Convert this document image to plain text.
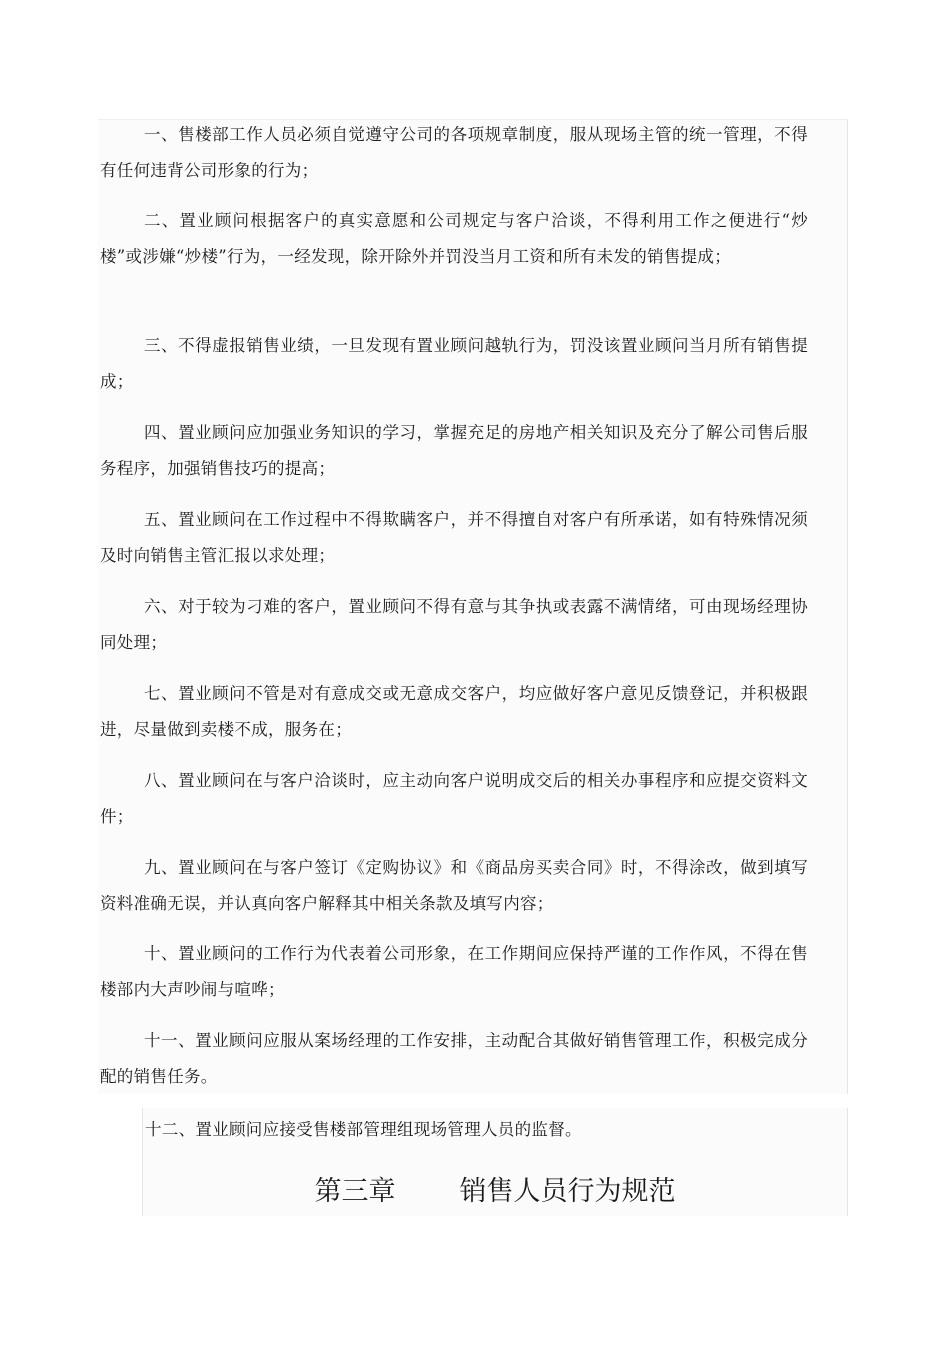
一、售楼部工作人员必须自觉遵守公司的各项规章制度，服从现场主管的统一管理，不得有任何违背公司形象的行为；

二、置业顾问根据客户的真实意愿和公司规定与客户洽谈，不得利用工作之便进行“炒楼”或涉嫌“炒楼”行为，一经发现，除开除外并罚没当月工资和所有未发的销售提成；

三、不得虚报销售业绩，一旦发现有置业顾问越轨行为，罚没该置业顾问当月所有销售提成；

四、置业顾问应加强业务知识的学习，掌握充足的房地产相关知识及充分了解公司售后服务程序，加强销售技巧的提高；

五、置业顾问在工作过程中不得欺瞒客户，并不得擅自对客户有所承诺，如有特殊情况须及时向销售主管汇报以求处理；

六、对于较为刁难的客户，置业顾问不得有意与其争执或表露不满情绪，可由现场经理协同处理；

七、置业顾问不管是对有意成交或无意成交客户，均应做好客户意见反馈登记，并积极跟进，尽量做到卖楼不成，服务在；

八、置业顾问在与客户洽谈时，应主动向客户说明成交后的相关办事程序和应提交资料文件；

九、置业顾问在与客户签订《定购协议》和《商品房买卖合同》时，不得涂改，做到填写资料准确无误，并认真向客户解释其中相关条款及填写内容；

十、置业顾问的工作行为代表着公司形象，在工作期间应保持严谨的工作作风，不得在售楼部内大声吵闹与喧哗；

十一、置业顾问应服从案场经理的工作安排，主动配合其做好销售管理工作，积极完成分配的销售任务。

十二、置业顾问应接受售楼部管理组现场管理人员的监督。

第三章 销售人员行为规范
